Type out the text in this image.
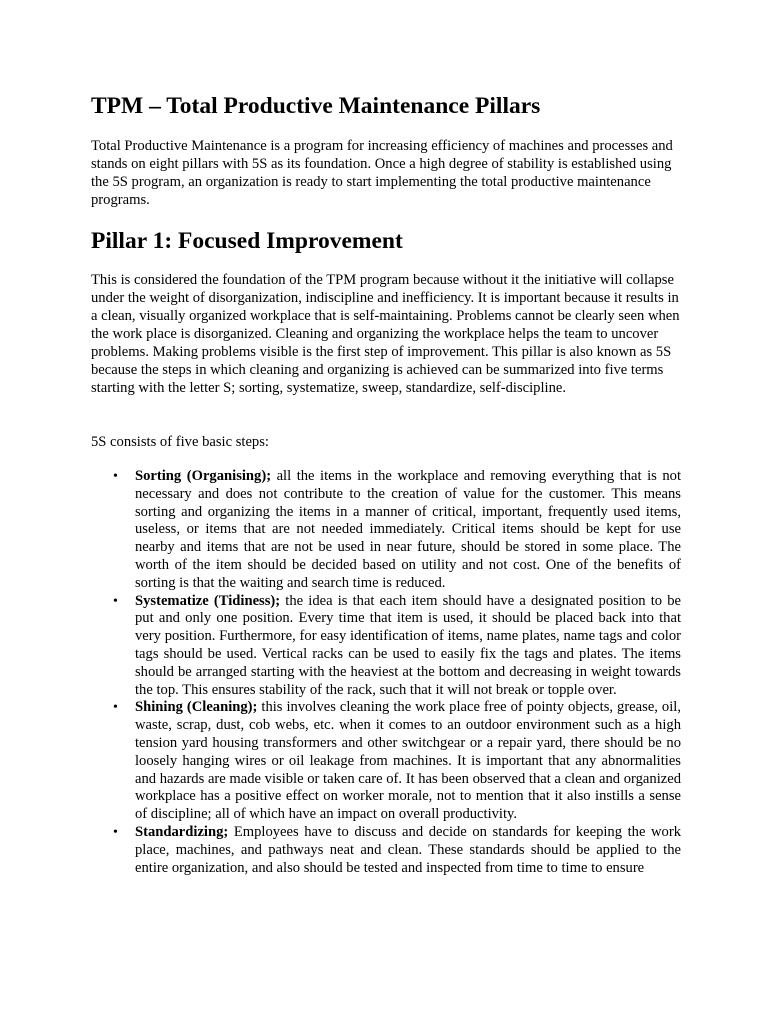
TPM – Total Productive Maintenance Pillars

Total Productive Maintenance is a program for increasing efficiency of machines and processes and stands on eight pillars with 5S as its foundation. Once a high degree of stability is established using the 5S program, an organization is ready to start implementing the total productive maintenance programs.

Pillar 1: Focused Improvement

This is considered the foundation of the TPM program because without it the initiative will collapse under the weight of disorganization, indiscipline and inefficiency. It is important because it results in a clean, visually organized workplace that is self-maintaining. Problems cannot be clearly seen when the work place is disorganized. Cleaning and organizing the workplace helps the team to uncover problems. Making problems visible is the first step of improvement. This pillar is also known as 5S because the steps in which cleaning and organizing is achieved can be summarized into five terms starting with the letter S; sorting, systematize, sweep, standardize, self-discipline.

5S consists of five basic steps:

• Sorting (Organising); all the items in the workplace and removing everything that is not necessary and does not contribute to the creation of value for the customer. This means sorting and organizing the items in a manner of critical, important, frequently used items, useless, or items that are not needed immediately. Critical items should be kept for use nearby and items that are not be used in near future, should be stored in some place. The worth of the item should be decided based on utility and not cost. One of the benefits of sorting is that the waiting and search time is reduced.
• Systematize (Tidiness); the idea is that each item should have a designated position to be put and only one position. Every time that item is used, it should be placed back into that very position. Furthermore, for easy identification of items, name plates, name tags and color tags should be used. Vertical racks can be used to easily fix the tags and plates. The items should be arranged starting with the heaviest at the bottom and decreasing in weight towards the top. This ensures stability of the rack, such that it will not break or topple over.
• Shining (Cleaning); this involves cleaning the work place free of pointy objects, grease, oil, waste, scrap, dust, cob webs, etc. when it comes to an outdoor environment such as a high tension yard housing transformers and other switchgear or a repair yard, there should be no loosely hanging wires or oil leakage from machines. It is important that any abnormalities and hazards are made visible or taken care of. It has been observed that a clean and organized workplace has a positive effect on worker morale, not to mention that it also instills a sense of discipline; all of which have an impact on overall productivity.
• Standardizing; Employees have to discuss and decide on standards for keeping the work place, machines, and pathways neat and clean. These standards should be applied to the entire organization, and also should be tested and inspected from time to time to ensure
